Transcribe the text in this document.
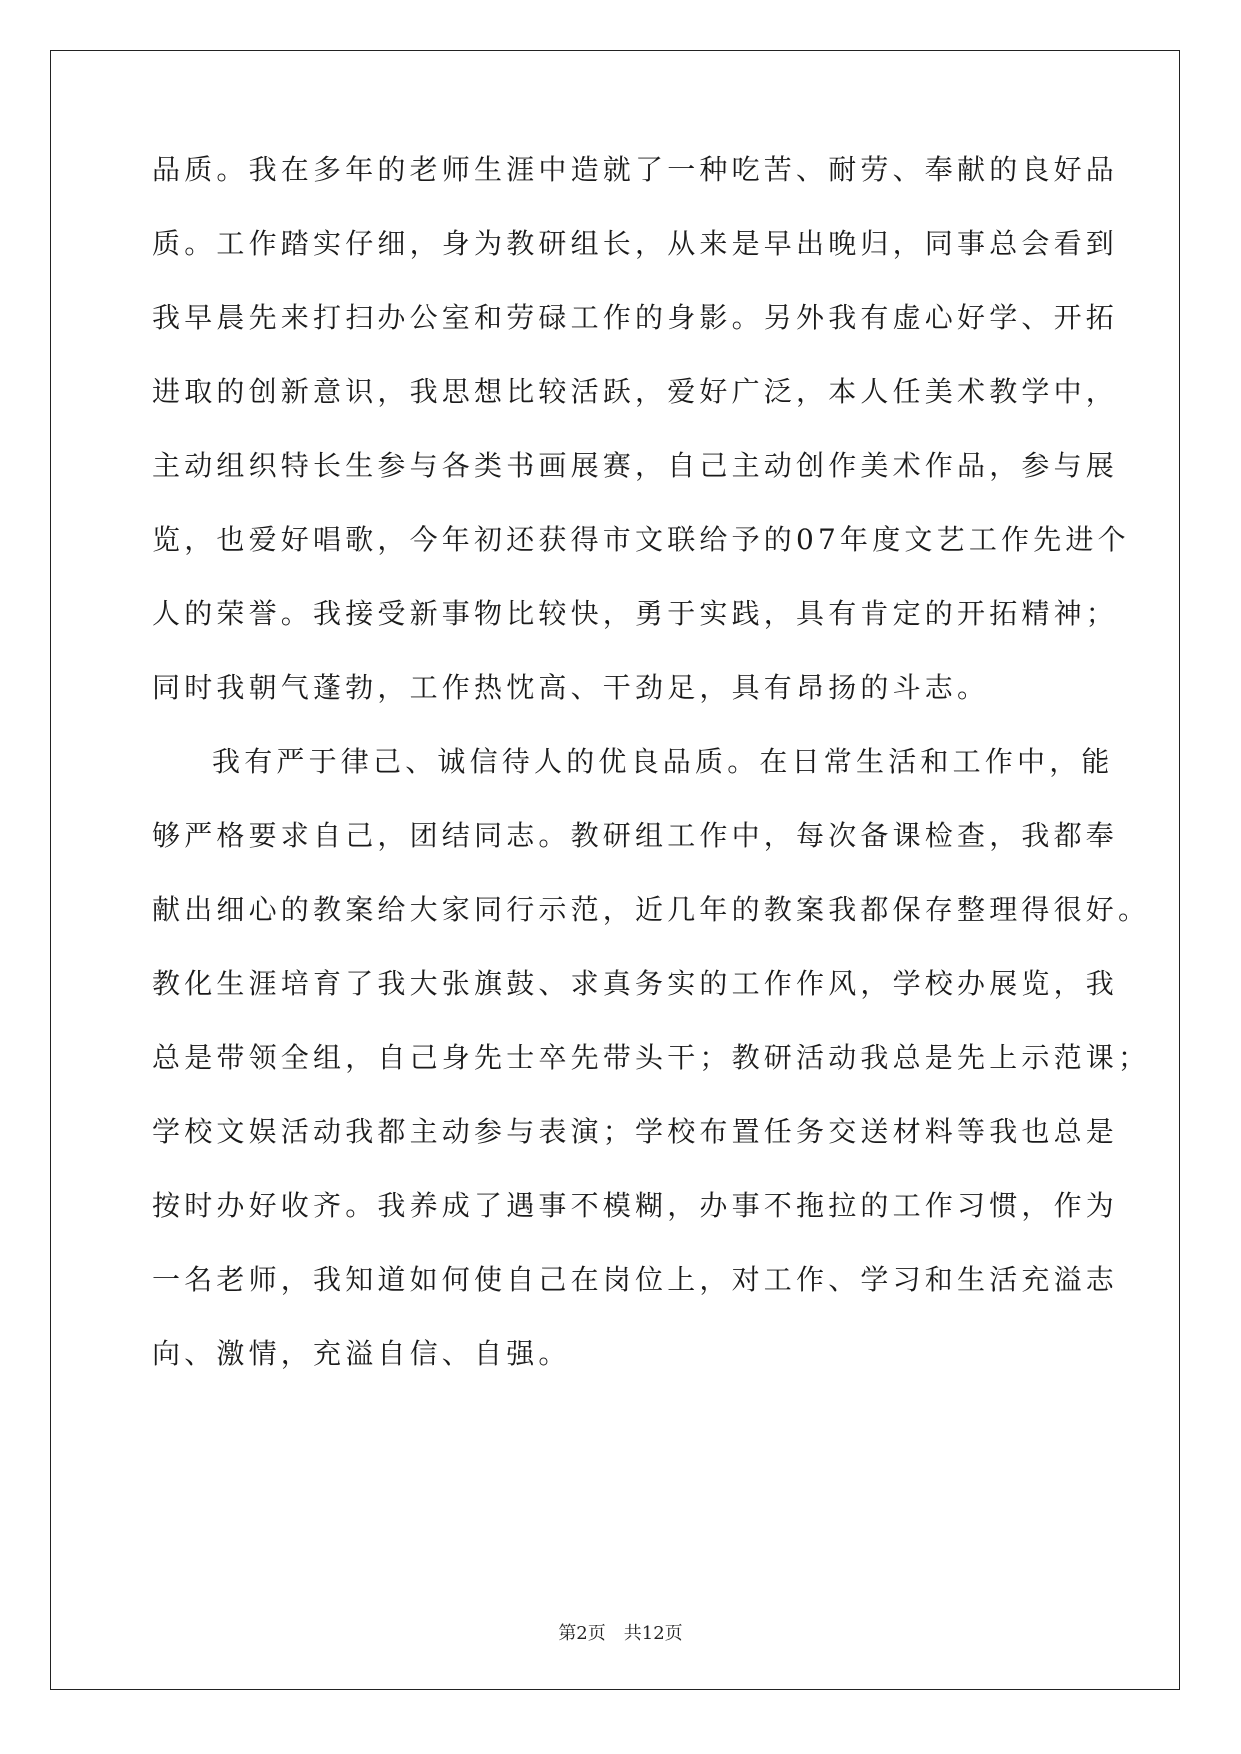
品质。我在多年的老师生涯中造就了一种吃苦、耐劳、奉献的良好品
质。工作踏实仔细，身为教研组长，从来是早出晚归，同事总会看到
我早晨先来打扫办公室和劳碌工作的身影。另外我有虚心好学、开拓
进取的创新意识，我思想比较活跃，爱好广泛，本人任美术教学中，
主动组织特长生参与各类书画展赛，自己主动创作美术作品，参与展
览，也爱好唱歌，今年初还获得市文联给予的07年度文艺工作先进个
人的荣誉。我接受新事物比较快，勇于实践，具有肯定的开拓精神；
同时我朝气蓬勃，工作热忱高、干劲足，具有昂扬的斗志。
我有严于律己、诚信待人的优良品质。在日常生活和工作中，能
够严格要求自己，团结同志。教研组工作中，每次备课检查，我都奉
献出细心的教案给大家同行示范，近几年的教案我都保存整理得很好。
教化生涯培育了我大张旗鼓、求真务实的工作作风，学校办展览，我
总是带领全组，自己身先士卒先带头干；教研活动我总是先上示范课；
学校文娱活动我都主动参与表演；学校布置任务交送材料等我也总是
按时办好收齐。我养成了遇事不模糊，办事不拖拉的工作习惯，作为
一名老师，我知道如何使自己在岗位上，对工作、学习和生活充溢志
向、激情，充溢自信、自强。
第2页 共12页
